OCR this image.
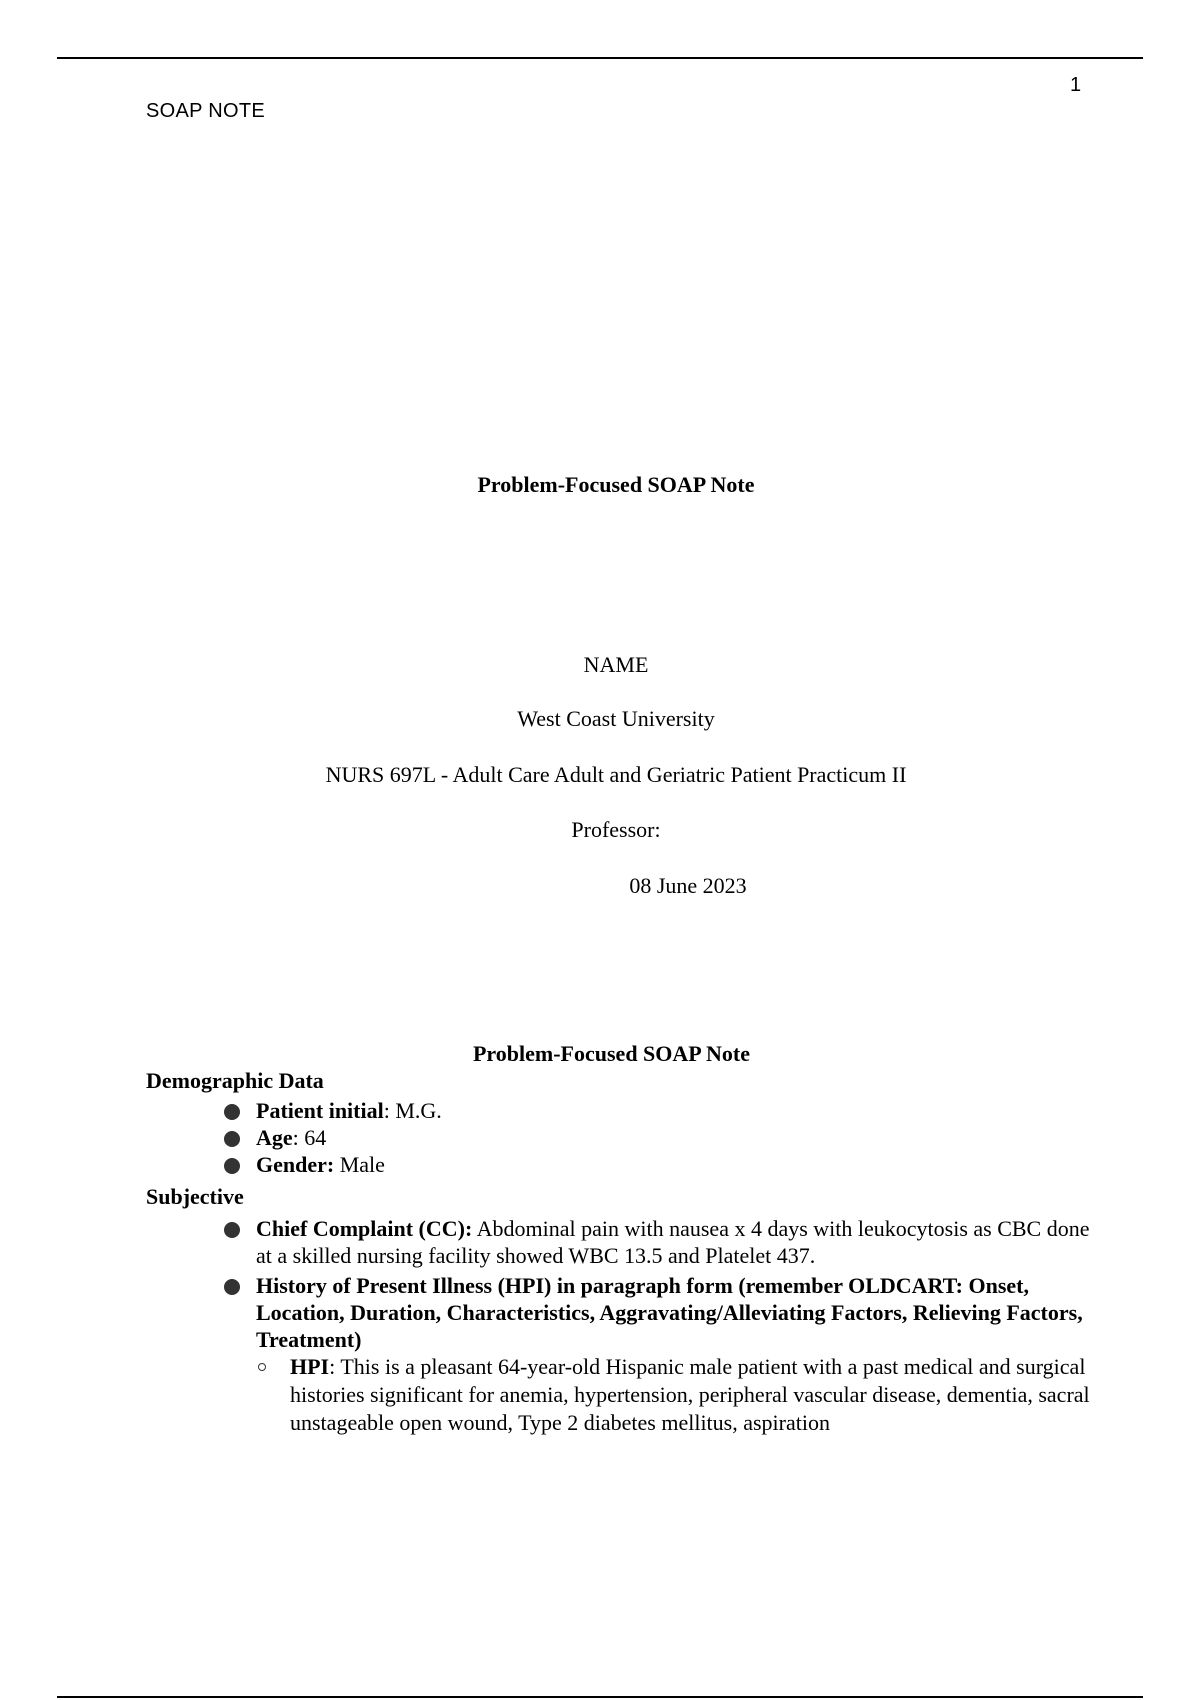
1
SOAP NOTE
Problem-Focused SOAP Note
NAME
West Coast University
NURS 697L - Adult Care Adult and Geriatric Patient Practicum II
Professor:
08 June 2023
Problem-Focused SOAP Note
Demographic Data
Patient initial: M.G.
Age: 64
Gender: Male
Subjective
Chief Complaint (CC): Abdominal pain with nausea x 4 days with leukocytosis as CBC done at a skilled nursing facility showed WBC 13.5 and Platelet 437.
History of Present Illness (HPI) in paragraph form (remember OLDCART: Onset, Location, Duration, Characteristics, Aggravating/Alleviating Factors, Relieving Factors, Treatment)
HPI: This is a pleasant 64-year-old Hispanic male patient with a past medical and surgical histories significant for anemia, hypertension, peripheral vascular disease, dementia, sacral unstageable open wound, Type 2 diabetes mellitus, aspiration
